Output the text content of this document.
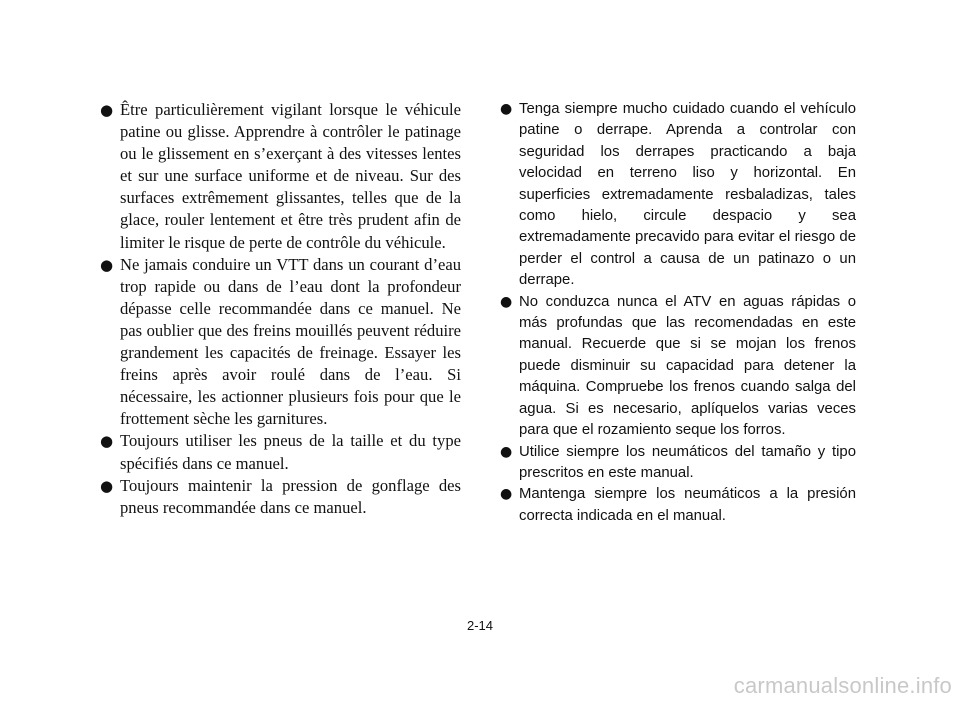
● Être particulièrement vigilant lorsque le véhicule patine ou glisse. Apprendre à contrôler le patinage ou le glissement en s’exerçant à des vitesses lentes et sur une surface uniforme et de niveau. Sur des surfaces extrêmement glissantes, telles que de la glace, rouler lentement et être très prudent afin de limiter le risque de perte de contrôle du véhicule.
● Ne jamais conduire un VTT dans un courant d’eau trop rapide ou dans de l’eau dont la profondeur dépasse celle recommandée dans ce manuel. Ne pas oublier que des freins mouillés peuvent réduire grandement les capacités de freinage. Essayer les freins après avoir roulé dans de l’eau. Si nécessaire, les actionner plusieurs fois pour que le frottement sèche les garnitures.
● Toujours utiliser les pneus de la taille et du type spécifiés dans ce manuel.
● Toujours maintenir la pression de gonflage des pneus recommandée dans ce manuel.
● Tenga siempre mucho cuidado cuando el vehículo patine o derrape. Aprenda a controlar con seguridad los derrapes practicando a baja velocidad en terreno liso y horizontal. En superficies extremadamente resbaladizas, tales como hielo, circule despacio y sea extremadamente precavido para evitar el riesgo de perder el control a causa de un patinazo o un derrape.
● No conduzca nunca el ATV en aguas rápidas o más profundas que las recomendadas en este manual. Recuerde que si se mojan los frenos puede disminuir su capacidad para detener la máquina. Compruebe los frenos cuando salga del agua. Si es necesario, aplíquelos varias veces para que el rozamiento seque los forros.
● Utilice siempre los neumáticos del tamaño y tipo prescritos en este manual.
● Mantenga siempre los neumáticos a la presión correcta indicada en el manual.
2-14
carmanualsonline.info
